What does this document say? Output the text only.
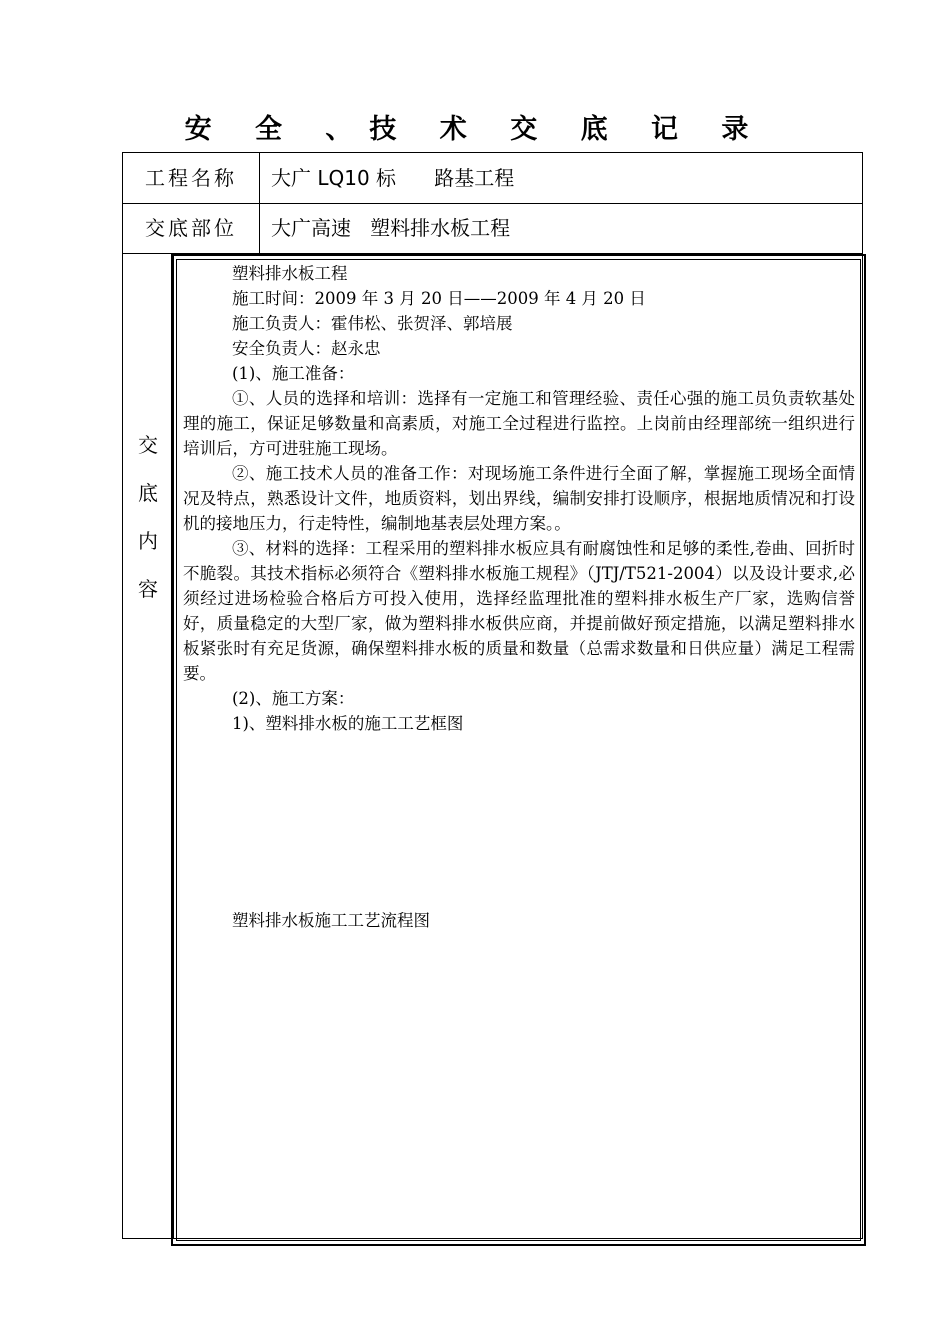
安 全 、技 术 交 底 记 录
工程名称	大广 LQ10 标      路基工程
交底部位	大广高速   塑料排水板工程
交
底
内
容

塑料排水板工程

施工时间：2009 年 3 月 20 日——2009 年 4 月 20 日

施工负责人：霍伟松、张贺泽、郭培展

安全负责人：赵永忠

(1)、施工准备：

①、人员的选择和培训：选择有一定施工和管理经验、责任心强的施工员负责软基处理的施工，保证足够数量和高素质，对施工全过程进行监控。上岗前由经理部统一组织进行培训后，方可进驻施工现场。

②、施工技术人员的准备工作：对现场施工条件进行全面了解，掌握施工现场全面情况及特点，熟悉设计文件，地质资料，划出界线，编制安排打设顺序，根据地质情况和打设机的接地压力，行走特性，编制地基表层处理方案。。

③、材料的选择：工程采用的塑料排水板应具有耐腐蚀性和足够的柔性,卷曲、回折时不脆裂。其技术指标必须符合《塑料排水板施工规程》（JTJ/T521-2004）以及设计要求,必须经过进场检验合格后方可投入使用，选择经监理批准的塑料排水板生产厂家，选购信誉好，质量稳定的大型厂家，做为塑料排水板供应商，并提前做好预定措施，以满足塑料排水板紧张时有充足货源，确保塑料排水板的质量和数量（总需求数量和日供应量）满足工程需要。

(2)、施工方案：

1)、塑料排水板的施工工艺框图

塑料排水板施工工艺流程图
